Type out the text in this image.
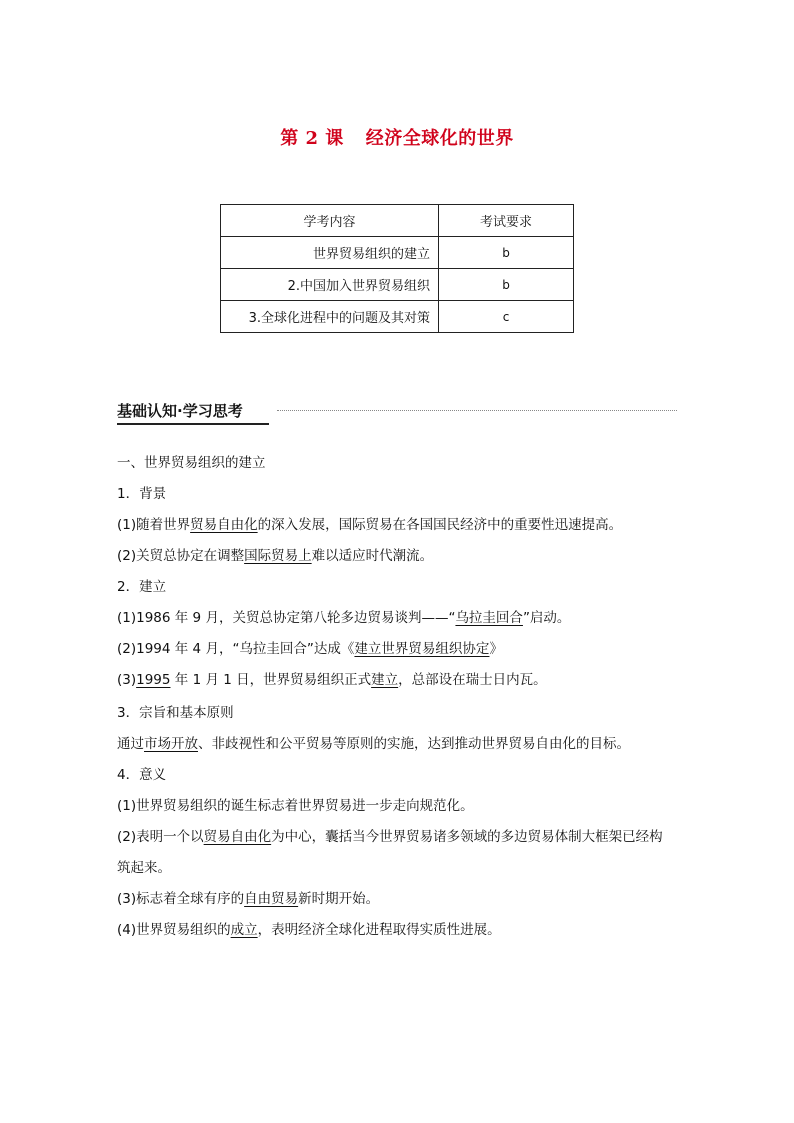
第 2 课 经济全球化的世界
学考内容	考试要求
世界贸易组织的建立	b
2.中国加入世界贸易组织	b
3.全球化进程中的问题及其对策	c
基础认知·学习思考
一、世界贸易组织的建立
1．背景
(1)随着世界贸易自由化的深入发展，国际贸易在各国国民经济中的重要性迅速提高。
(2)关贸总协定在调整国际贸易上难以适应时代潮流。
2．建立
(1)1986 年 9 月，关贸总协定第八轮多边贸易谈判——“乌拉圭回合”启动。
(2)1994 年 4 月，“乌拉圭回合”达成《建立世界贸易组织协定》
(3)1995 年 1 月 1 日，世界贸易组织正式建立，总部设在瑞士日内瓦。
3．宗旨和基本原则
通过市场开放、非歧视性和公平贸易等原则的实施，达到推动世界贸易自由化的目标。
4．意义
(1)世界贸易组织的诞生标志着世界贸易进一步走向规范化。
(2)表明一个以贸易自由化为中心，囊括当今世界贸易诸多领域的多边贸易体制大框架已经构
筑起来。
(3)标志着全球有序的自由贸易新时期开始。
(4)世界贸易组织的成立，表明经济全球化进程取得实质性进展。
